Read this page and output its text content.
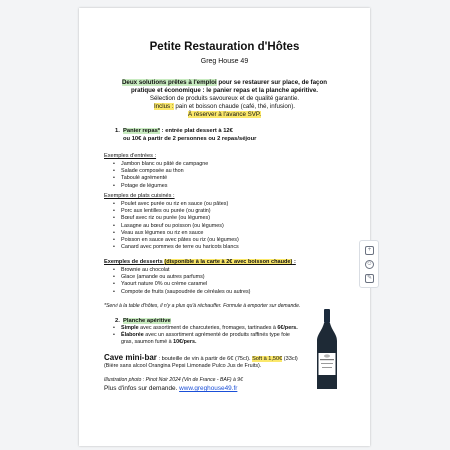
Petite Restauration d'Hôtes
Greg House 49
Deux solutions prêtes à l'emploi pour se restaurer sur place, de façon
pratique et économique : le panier repas et la planche apéritive.
Sélection de produits savoureux et de qualité garantie.
Inclus : pain et boisson chaude (café, thé, infusion).
À réserver à l'avance SVP.
1. Panier repas* : entrée plat dessert à 12€
ou 10€ à partir de 2 personnes ou 2 repas/séjour
Exemples d'entrées :
• Jambon blanc ou pâté de campagne
• Salade composée au thon
• Taboulé agrémenté
• Potage de légumes
Exemples de plats cuisinés :
• Poulet avec purée ou riz en sauce (ou pâtes)
• Porc aux lentilles ou purée (ou gratin)
• Bœuf avec riz ou purée (ou légumes)
• Lasagne au bœuf ou poisson (ou légumes)
• Veau aux légumes ou riz en sauce
• Poisson en sauce avec pâtes ou riz (ou légumes)
• Canard avec pommes de terre ou haricots blancs
Exemples de desserts (disponible à la carte à 2€ avec boisson chaude) :
• Brownie au chocolat
• Glace (amande ou autres parfums)
• Yaourt nature 0% ou crème caramel
• Compote de fruits (saupoudrée de céréales ou autres)
*Servi à la table d'hôtes, il n'y a plus qu'à réchauffer. Formule à emporter sur demande.
2. Planche apéritive
• Simple avec assortiment de charcuteries, fromages, tartinades à 6€/pers.
• Élaborée avec un assortiment agrémenté de produits raffinés type foie
gras, saumon fumé à 10€/pers.
Cave mini-bar : bouteille de vin à partir de 6€ (75cl). Soft à 1,50€ (33cl)
(Bière sans alcool Orangina Pepsi Limonade Pulco Jus de Fruits).
Illustration photo : Pinot Noir 2024 (Vin de France - BAF) à 9€
Plus d'infos sur demande. www.greghouse49.fr
+
☺
✎
